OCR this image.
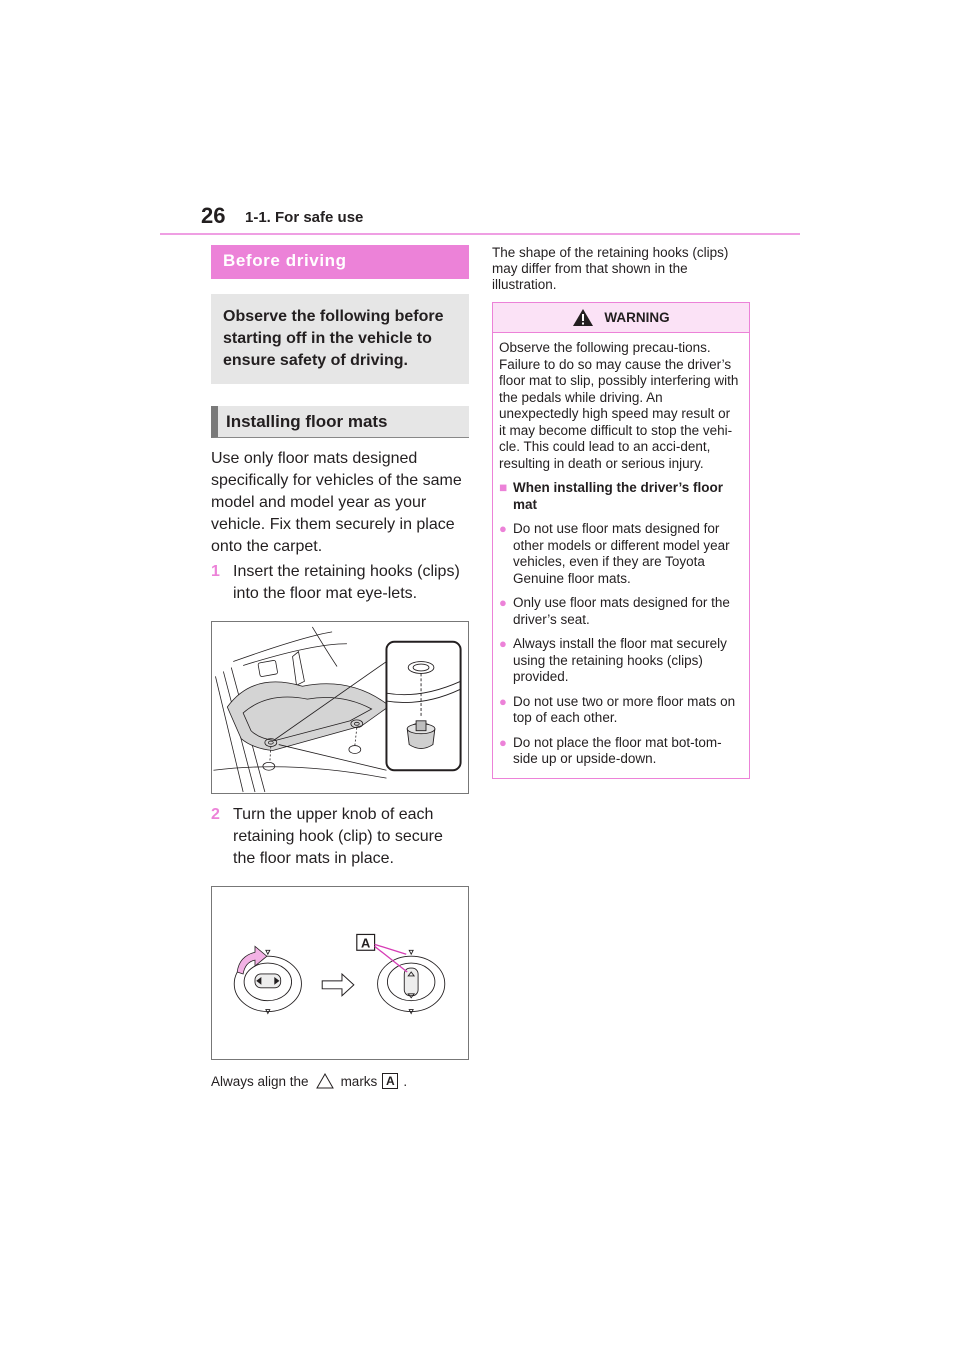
26 1-1. For safe use
Before driving
Observe the following before starting off in the vehicle to ensure safety of driving.
Installing floor mats
Use only floor mats designed specifically for vehicles of the same model and model year as your vehicle. Fix them securely in place onto the carpet.
1 Insert the retaining hooks (clips) into the floor mat eye-lets.
2 Turn the upper knob of each retaining hook (clip) to secure the floor mats in place.
A
Always align the marks A .
The shape of the retaining hooks (clips) may differ from that shown in the illustration.
WARNING

Observe the following precau-tions. Failure to do so may cause the driver’s floor mat to slip, possibly interfering with the pedals while driving. An unexpectedly high speed may result or it may become difficult to stop the vehi-cle. This could lead to an acci-dent, resulting in death or serious injury.

■ When installing the driver’s floor mat
● Do not use floor mats designed for other models or different model year vehicles, even if they are Toyota Genuine floor mats.
● Only use floor mats designed for the driver’s seat.
● Always install the floor mat securely using the retaining hooks (clips) provided.
● Do not use two or more floor mats on top of each other.
● Do not place the floor mat bot-tom-side up or upside-down.
